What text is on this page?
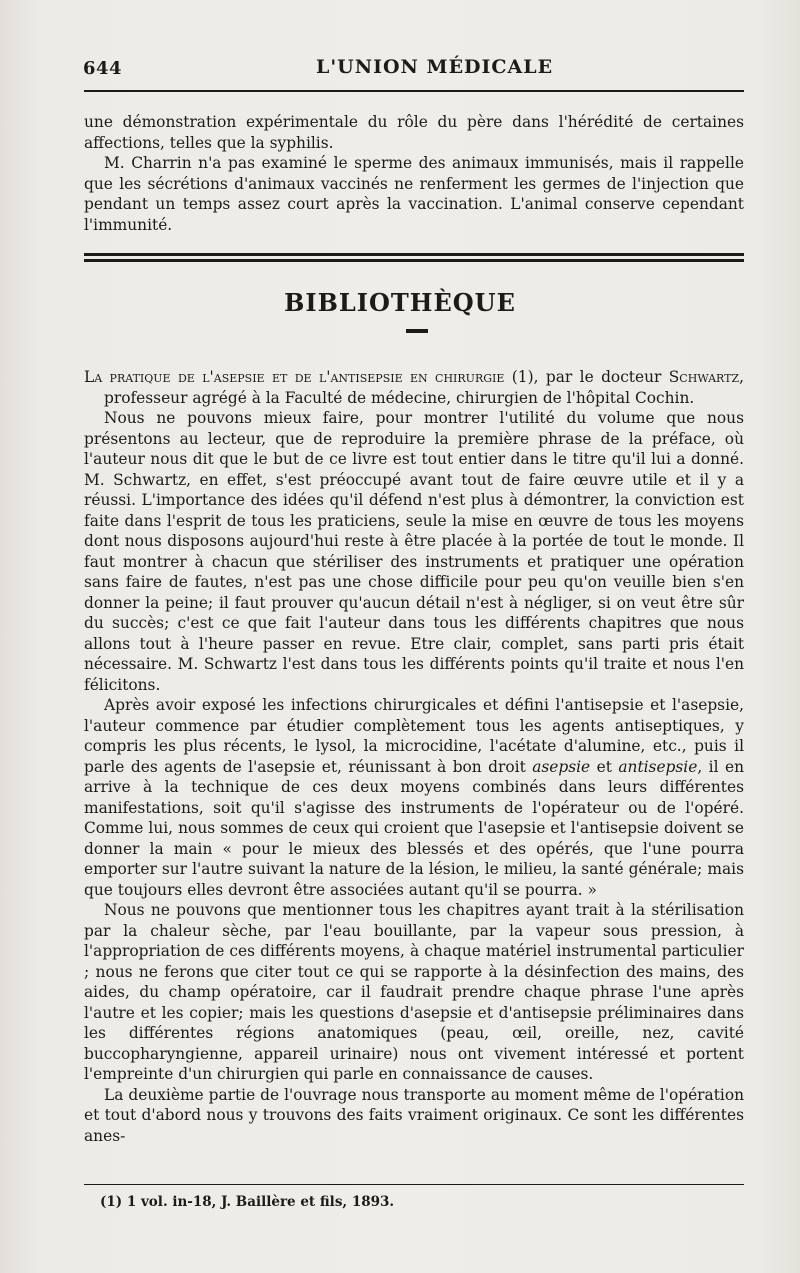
644	L'UNION MÉDICALE

une démonstration expérimentale du rôle du père dans l'hérédité de certaines affections, telles que la syphilis.

M. Charrin n'a pas examiné le sperme des animaux immunisés, mais il rappelle que les sécrétions d'animaux vaccinés ne renferment les germes de l'injection que pendant un temps assez court après la vaccination. L'animal conserve cependant l'immunité.

BIBLIOTHÈQUE

La pratique de l'asepsie et de l'antisepsie en chirurgie (1), par le docteur Schwartz, professeur agrégé à la Faculté de médecine, chirurgien de l'hôpital Cochin.

Nous ne pouvons mieux faire, pour montrer l'utilité du volume que nous présentons au lecteur, que de reproduire la première phrase de la préface, où l'auteur nous dit que le but de ce livre est tout entier dans le titre qu'il lui a donné. M. Schwartz, en effet, s'est préoccupé avant tout de faire œuvre utile et il y a réussi. L'importance des idées qu'il défend n'est plus à démontrer, la conviction est faite dans l'esprit de tous les praticiens, seule la mise en œuvre de tous les moyens dont nous disposons aujourd'hui reste à être placée à la portée de tout le monde. Il faut montrer à chacun que stériliser des instruments et pratiquer une opération sans faire de fautes, n'est pas une chose difficile pour peu qu'on veuille bien s'en donner la peine; il faut prouver qu'aucun détail n'est à négliger, si on veut être sûr du succès; c'est ce que fait l'auteur dans tous les différents chapitres que nous allons tout à l'heure passer en revue. Etre clair, complet, sans parti pris était nécessaire. M. Schwartz l'est dans tous les différents points qu'il traite et nous l'en félicitons.

Après avoir exposé les infections chirurgicales et défini l'antisepsie et l'asepsie, l'auteur commence par étudier complètement tous les agents antiseptiques, y compris les plus récents, le lysol, la microcidine, l'acétate d'alumine, etc., puis il parle des agents de l'asepsie et, réunissant à bon droit asepsie et antisepsie, il en arrive à la technique de ces deux moyens combinés dans leurs différentes manifestations, soit qu'il s'agisse des instruments de l'opérateur ou de l'opéré. Comme lui, nous sommes de ceux qui croient que l'asepsie et l'antisepsie doivent se donner la main « pour le mieux des blessés et des opérés, que l'une pourra emporter sur l'autre suivant la nature de la lésion, le milieu, la santé générale; mais que toujours elles devront être associées autant qu'il se pourra. »

Nous ne pouvons que mentionner tous les chapitres ayant trait à la stérilisation par la chaleur sèche, par l'eau bouillante, par la vapeur sous pression, à l'appropriation de ces différents moyens, à chaque matériel instrumental particulier ; nous ne ferons que citer tout ce qui se rapporte à la désinfection des mains, des aides, du champ opératoire, car il faudrait prendre chaque phrase l'une après l'autre et les copier; mais les questions d'asepsie et d'antisepsie préliminaires dans les différentes régions anatomiques (peau, œil, oreille, nez, cavité buccopharyngienne, appareil urinaire) nous ont vivement intéressé et portent l'empreinte d'un chirurgien qui parle en connaissance de causes.

La deuxième partie de l'ouvrage nous transporte au moment même de l'opération et tout d'abord nous y trouvons des faits vraiment originaux. Ce sont les différentes anes-

(1) 1 vol. in-18, J. Baillère et fils, 1893.
